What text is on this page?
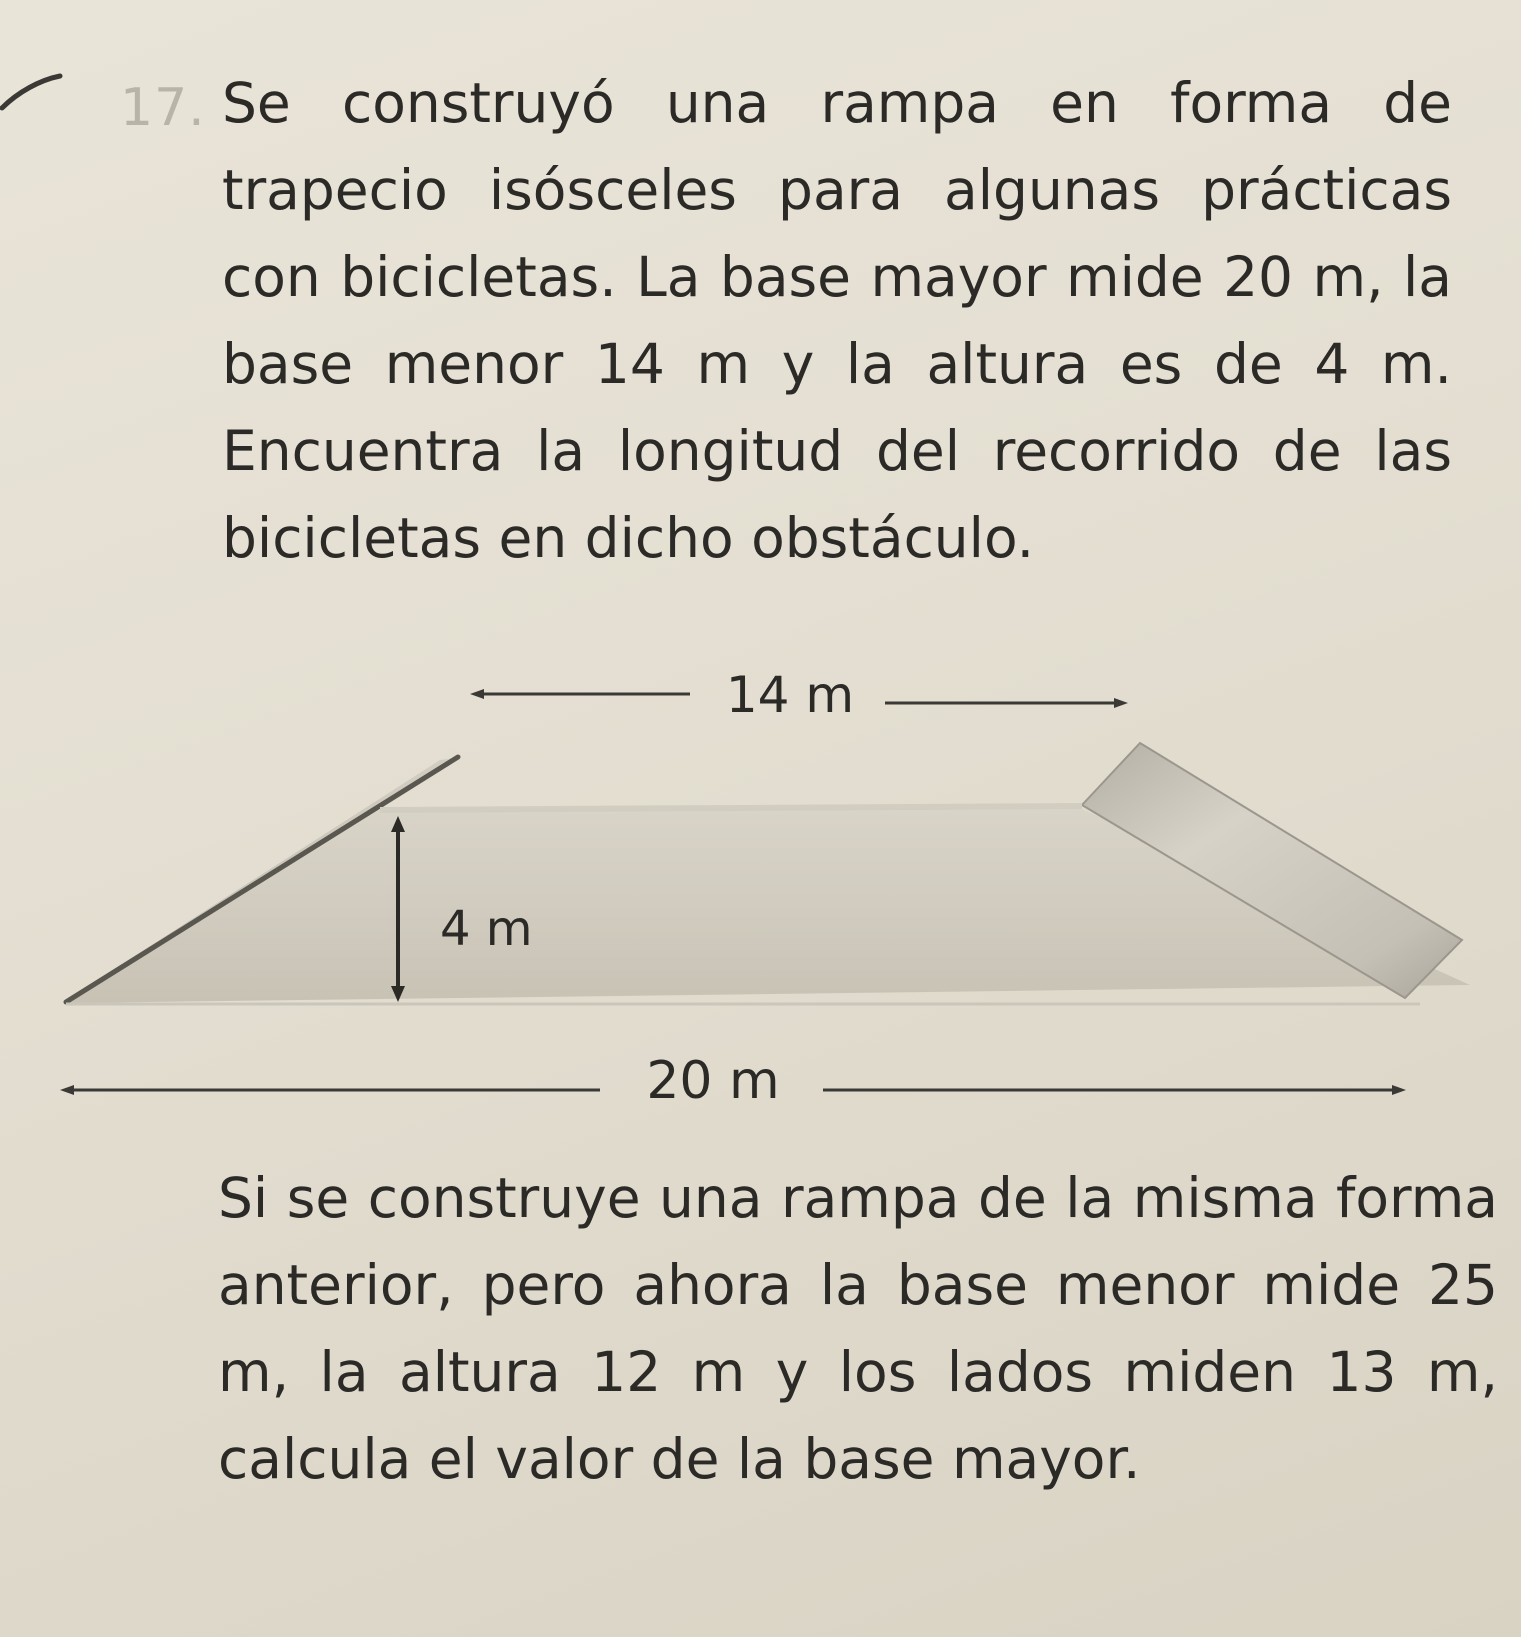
17. Se construyó una rampa en forma de trapecio isósceles para algunas prácticas con bicicletas. La base mayor mide 20 m, la base menor 14 m y la altura es de 4 m. Encuentra la longitud del recorrido de las bicicletas en dicho obstáculo.

14 m
4 m
20 m

Si se construye una rampa de la misma forma anterior, pero ahora la base menor mide 25 m, la altura 12 m y los lados miden 13 m, calcula el valor de la base mayor.
